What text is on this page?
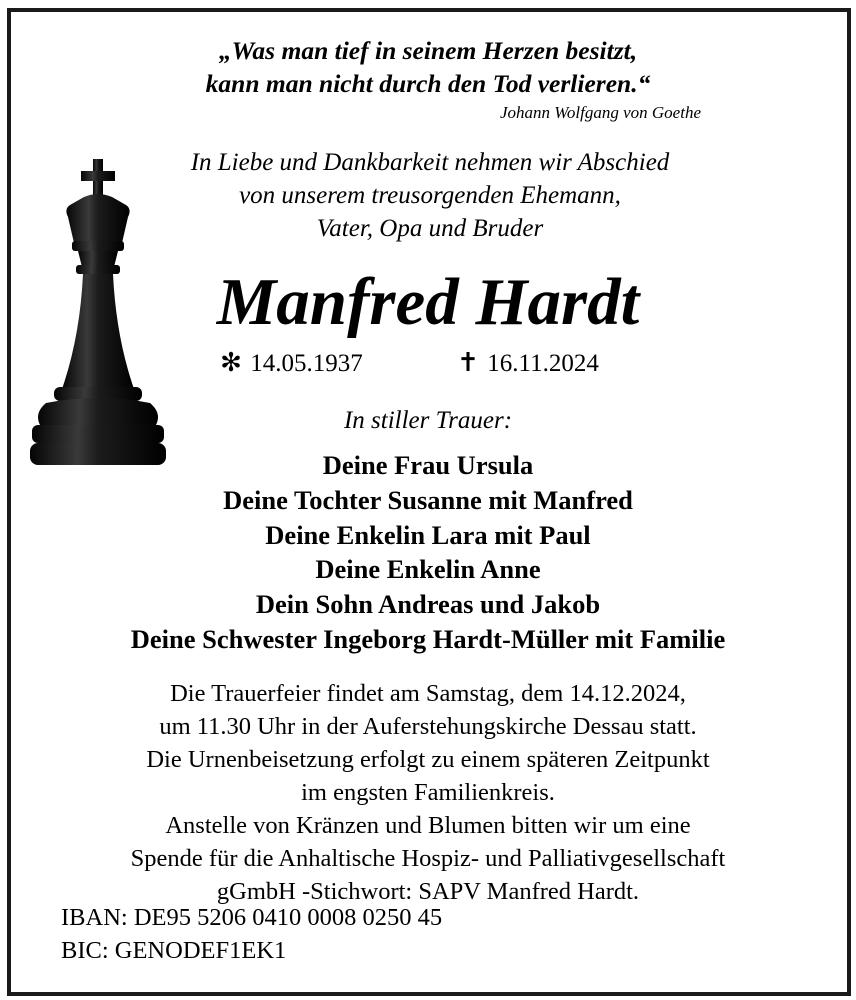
„Was man tief in seinem Herzen besitzt,
kann man nicht durch den Tod verlieren.“
Johann Wolfgang von Goethe
In Liebe und Dankbarkeit nehmen wir Abschied
von unserem treusorgenden Ehemann,
Vater, Opa und Bruder
Manfred Hardt
✻ 14.05.1937	✝ 16.11.2024
In stiller Trauer:
Deine Frau Ursula
Deine Tochter Susanne mit Manfred
Deine Enkelin Lara mit Paul
Deine Enkelin Anne
Dein Sohn Andreas und Jakob
Deine Schwester Ingeborg Hardt-Müller mit Familie
Die Trauerfeier findet am Samstag, dem 14.12.2024,
um 11.30 Uhr in der Auferstehungskirche Dessau statt.
Die Urnenbeisetzung erfolgt zu einem späteren Zeitpunkt
im engsten Familienkreis.
Anstelle von Kränzen und Blumen bitten wir um eine
Spende für die Anhaltische Hospiz- und Palliativgesellschaft
gGmbH -Stichwort: SAPV Manfred Hardt.
IBAN: DE95 5206 0410 0008 0250 45
BIC: GENODEF1EK1
